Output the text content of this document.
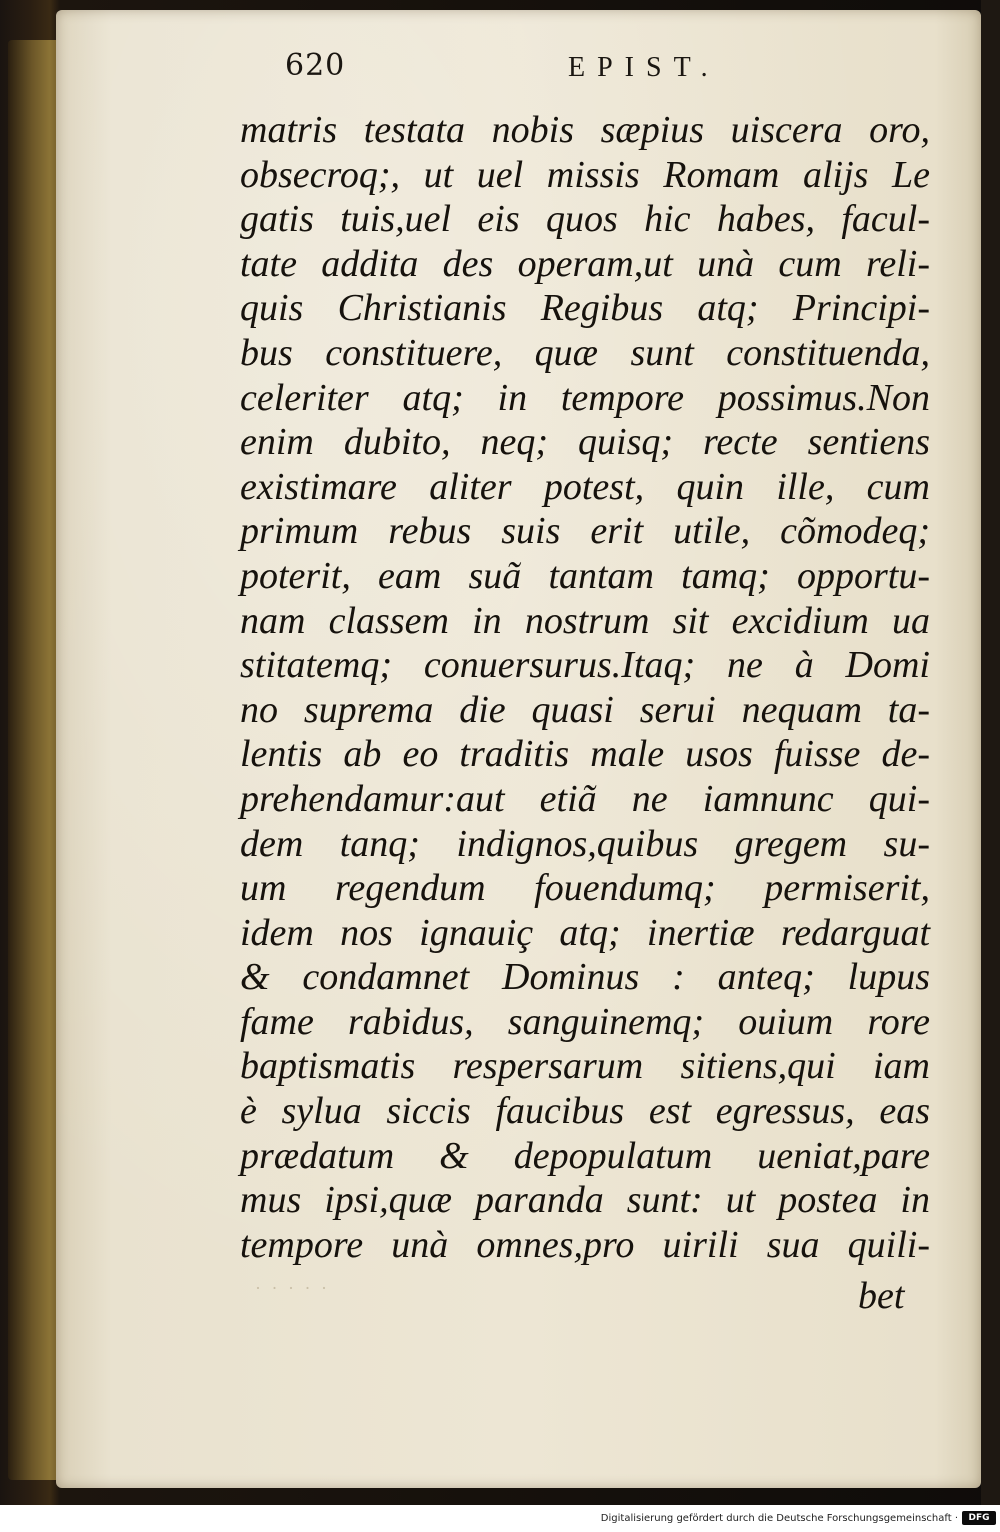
620	EPIST.
matris testata nobis sæpius uiscera oro,
obsecroq;, ut uel missis Romam alijs Le
gatis tuis,uel eis quos hic habes, facul-
tate addita des operam,ut unà cum reli-
quis Christianis Regibus atq; Principi-
bus constituere, quæ sunt constituenda,
celeriter atq; in tempore possimus.Non
enim dubito, neq; quisq; recte sentiens
existimare aliter potest, quin ille, cum
primum rebus suis erit utile, cõmodeq;
poterit, eam suã tantam tamq; opportu-
nam classem in nostrum sit excidium ua
stitatemq; conuersurus.Itaq; ne à Domi
no suprema die quasi serui nequam ta-
lentis ab eo traditis male usos fuisse de-
prehendamur:aut etiã ne iamnunc qui-
dem tanq; indignos,quibus gregem su-
um regendum fouendumq; permiserit,
idem nos ignauiç atq; inertiæ redarguat
& condamnet Dominus : anteq; lupus
fame rabidus, sanguinemq; ouium rore
baptismatis respersarum sitiens,qui iam
è sylua siccis faucibus est egressus, eas
prædatum & depopulatum ueniat,pare
mus ipsi,quæ paranda sunt: ut postea in
tempore unà omnes,pro uirili sua quili-
· · · · ·	bet
Digitalisierung gefördert durch die Deutsche Forschungsgemeinschaft ·	DFG
